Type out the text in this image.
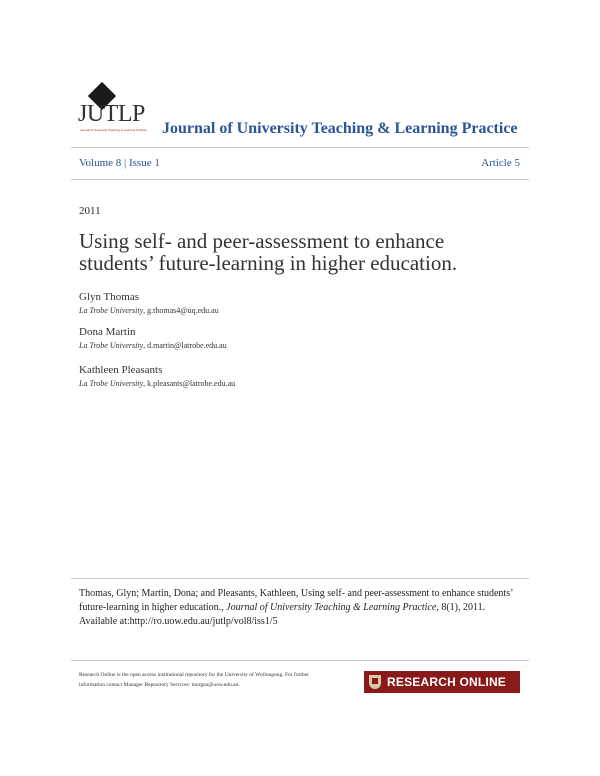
JUTLP
Journal of University Teaching & Learning Practice Journal of University Teaching & Learning Practice
Volume 8 | Issue 1	Article 5
2011
Using self- and peer-assessment to enhance students’ future-learning in higher education.
Glyn Thomas
La Trobe University, g.thomas4@uq.edu.au
Dona Martin
La Trobe University, d.martin@latrobe.edu.au
Kathleen Pleasants
La Trobe University, k.pleasants@latrobe.edu.au
Thomas, Glyn; Martin, Dona; and Pleasants, Kathleen, Using self- and peer-assessment to enhance students’ future-learning in higher education., Journal of University Teaching & Learning Practice, 8(1), 2011.
Available at:http://ro.uow.edu.au/jutlp/vol8/iss1/5
Research Online is the open access institutional repository for the University of Wollongong. For further information contact Manager Repository Services: morgan@uow.edu.au.	RESEARCH ONLINE
